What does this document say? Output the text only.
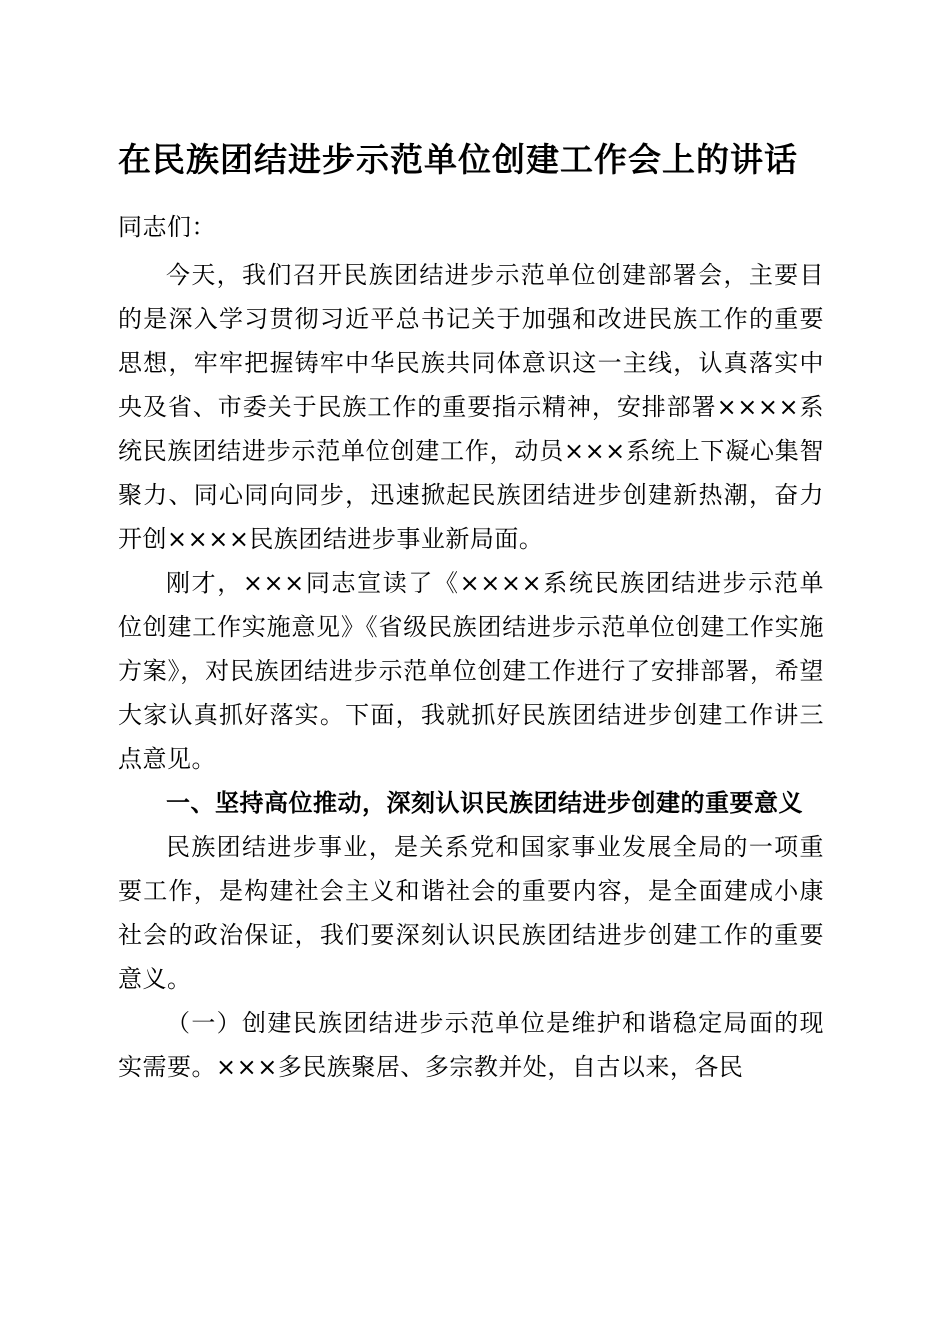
在民族团结进步示范单位创建工作会上的讲话

同志们：

今天，我们召开民族团结进步示范单位创建部署会，主要目的是深入学习贯彻习近平总书记关于加强和改进民族工作的重要思想，牢牢把握铸牢中华民族共同体意识这一主线，认真落实中央及省、市委关于民族工作的重要指示精神，安排部署××××系统民族团结进步示范单位创建工作，动员×××系统上下凝心集智聚力、同心同向同步，迅速掀起民族团结进步创建新热潮，奋力开创××××民族团结进步事业新局面。

刚才，×××同志宣读了《××××系统民族团结进步示范单位创建工作实施意见》《省级民族团结进步示范单位创建工作实施方案》，对民族团结进步示范单位创建工作进行了安排部署，希望大家认真抓好落实。下面，我就抓好民族团结进步创建工作讲三点意见。

一、坚持高位推动，深刻认识民族团结进步创建的重要意义

民族团结进步事业，是关系党和国家事业发展全局的一项重要工作，是构建社会主义和谐社会的重要内容，是全面建成小康社会的政治保证，我们要深刻认识民族团结进步创建工作的重要意义。

（一）创建民族团结进步示范单位是维护和谐稳定局面的现实需要。×××多民族聚居、多宗教并处，自古以来，各民
